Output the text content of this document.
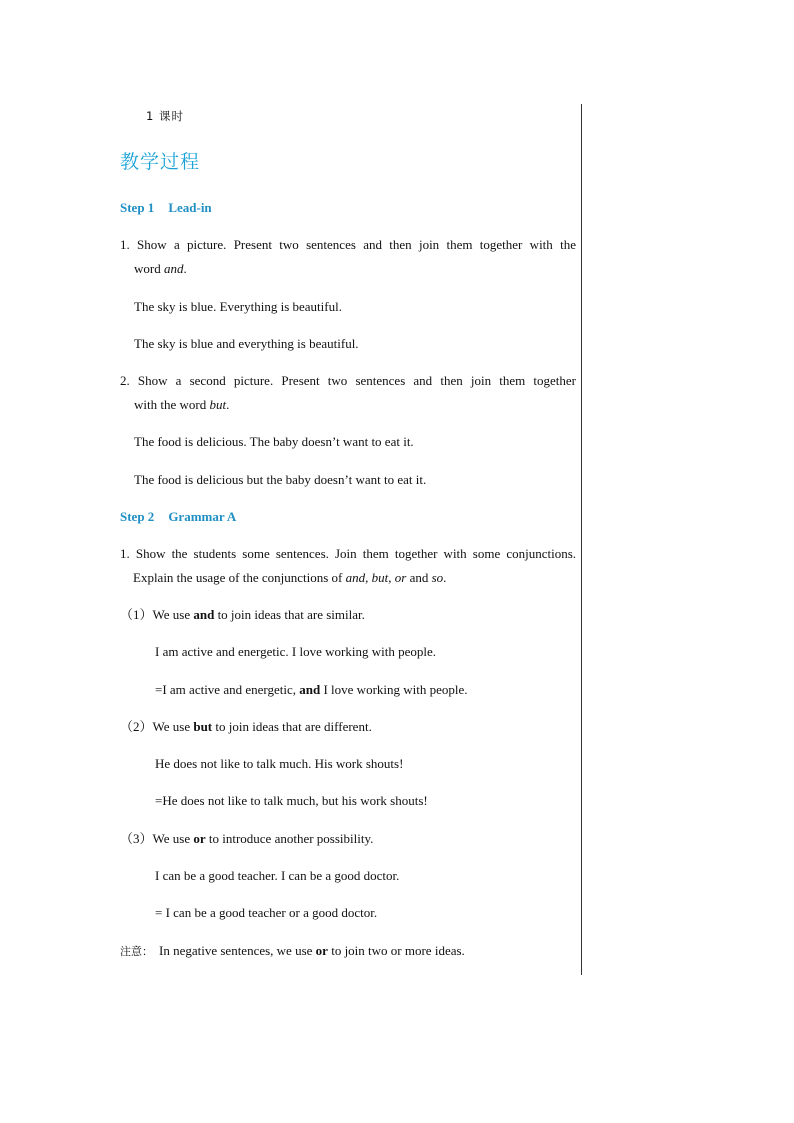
1 课时

教学过程

Step 1 Lead-in

1. Show a picture. Present two sentences and then join them together with the

word and.

The sky is blue. Everything is beautiful.

The sky is blue and everything is beautiful.

2. Show a second picture. Present two sentences and then join them together

with the word but.

The food is delicious. The baby doesn’t want to eat it.

The food is delicious but the baby doesn’t want to eat it.

Step 2 Grammar A

1. Show the students some sentences. Join them together with some conjunctions.

Explain the usage of the conjunctions of and, but, or and so.

（1）We use and to join ideas that are similar.

I am active and energetic. I love working with people.

=I am active and energetic, and I love working with people.

（2）We use but to join ideas that are different.

He does not like to talk much. His work shouts!

=He does not like to talk much, but his work shouts!

（3）We use or to introduce another possibility.

I can be a good teacher. I can be a good doctor.

= I can be a good teacher or a good doctor.

注意： In negative sentences, we use or to join two or more ideas.
